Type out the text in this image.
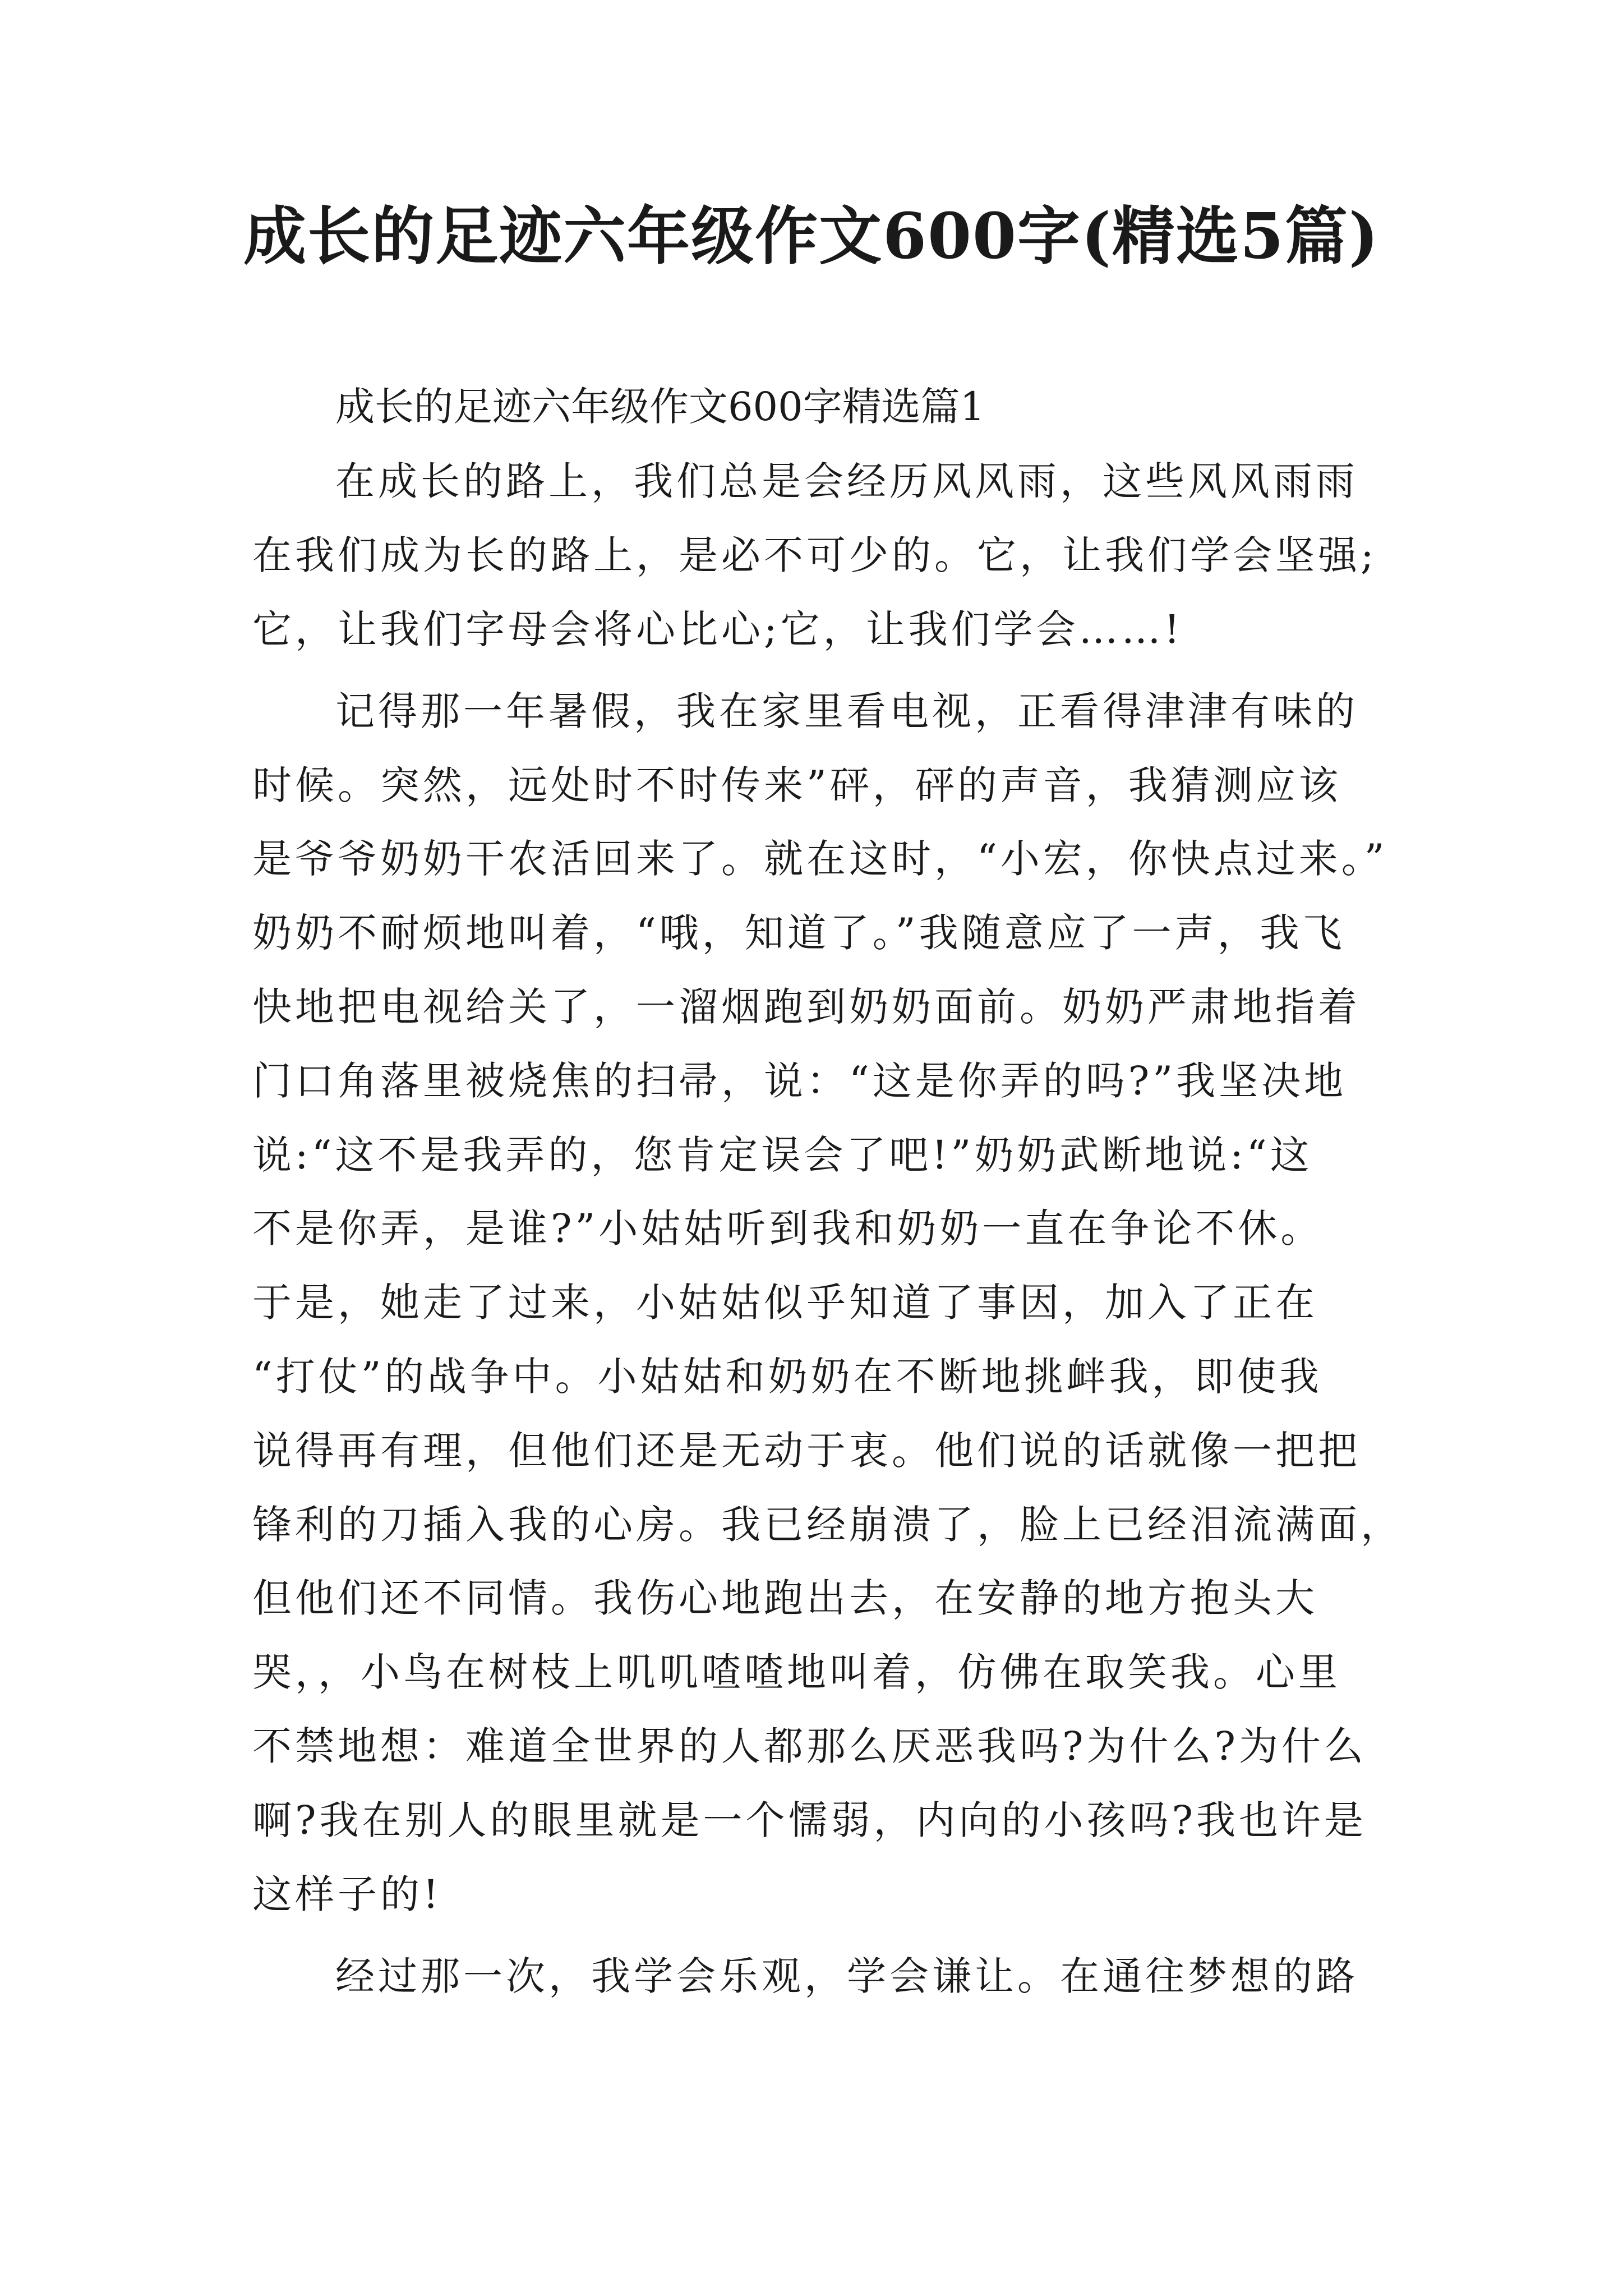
成长的足迹六年级作文600字(精选5篇)
成长的足迹六年级作文600字精选篇1
在成长的路上，我们总是会经历风风雨，这些风风雨雨
在我们成为长的路上，是必不可少的。它，让我们学会坚强;
它，让我们字母会将心比心;它，让我们学会……!
记得那一年暑假，我在家里看电视，正看得津津有味的
时候。突然，远处时不时传来”砰，砰的声音，我猜测应该
是爷爷奶奶干农活回来了。就在这时，“小宏，你快点过来。”
奶奶不耐烦地叫着，“哦，知道了。”我随意应了一声，我飞
快地把电视给关了，一溜烟跑到奶奶面前。奶奶严肃地指着
门口角落里被烧焦的扫帚，说：“这是你弄的吗?”我坚决地
说:“这不是我弄的，您肯定误会了吧!”奶奶武断地说:“这
不是你弄，是谁?”小姑姑听到我和奶奶一直在争论不休。
于是，她走了过来，小姑姑似乎知道了事因，加入了正在
“打仗”的战争中。小姑姑和奶奶在不断地挑衅我，即使我
说得再有理，但他们还是无动于衷。他们说的话就像一把把
锋利的刀插入我的心房。我已经崩溃了，脸上已经泪流满面，
但他们还不同情。我伤心地跑出去，在安静的地方抱头大
哭，，小鸟在树枝上叽叽喳喳地叫着，仿佛在取笑我。心里
不禁地想：难道全世界的人都那么厌恶我吗?为什么?为什么
啊?我在别人的眼里就是一个懦弱，内向的小孩吗?我也许是
这样子的!
经过那一次，我学会乐观，学会谦让。在通往梦想的路
